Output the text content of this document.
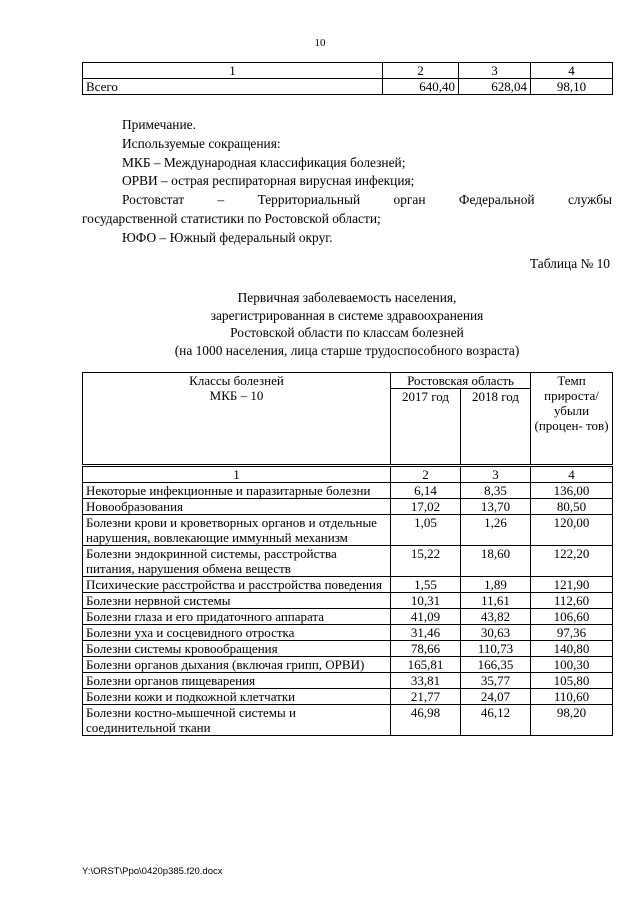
10
1	2	3	4
Всего	640,40	628,04	98,10
Примечание.
Используемые сокращения:
МКБ – Международная классификация болезней;
ОРВИ – острая респираторная вирусная инфекция;
Ростовстат – Территориальный орган Федеральной службы
государственной статистики по Ростовской области;
ЮФО – Южный федеральный округ.
Таблица № 10
Первичная заболеваемость населения,
зарегистрированная в системе здравоохранения
Ростовской области по классам болезней
(на 1000 населения, лица старше трудоспособного возраста)
Классы болезней
МКБ – 10	Ростовская область		Темп прироста/ убыли (процен- тов)
	2017 год	2018 год	
1	2	3	4
Некоторые инфекционные и паразитарные болезни	6,14	8,35	136,00
Новообразования	17,02	13,70	80,50
Болезни крови и кроветворных органов и отдельные нарушения, вовлекающие иммунный механизм	1,05	1,26	120,00
Болезни эндокринной системы, расстройства питания, нарушения обмена веществ	15,22	18,60	122,20
Психические расстройства и расстройства поведения	1,55	1,89	121,90
Болезни нервной системы	10,31	11,61	112,60
Болезни глаза и его придаточного аппарата	41,09	43,82	106,60
Болезни уха и сосцевидного отростка	31,46	30,63	97,36
Болезни системы кровообращения	78,66	110,73	140,80
Болезни органов дыхания (включая грипп, ОРВИ)	165,81	166,35	100,30
Болезни органов пищеварения	33,81	35,77	105,80
Болезни кожи и подкожной клетчатки	21,77	24,07	110,60
Болезни костно-мышечной системы и соединительной ткани	46,98	46,12	98,20
Y:\ORST\Ppo\0420p385.f20.docx
